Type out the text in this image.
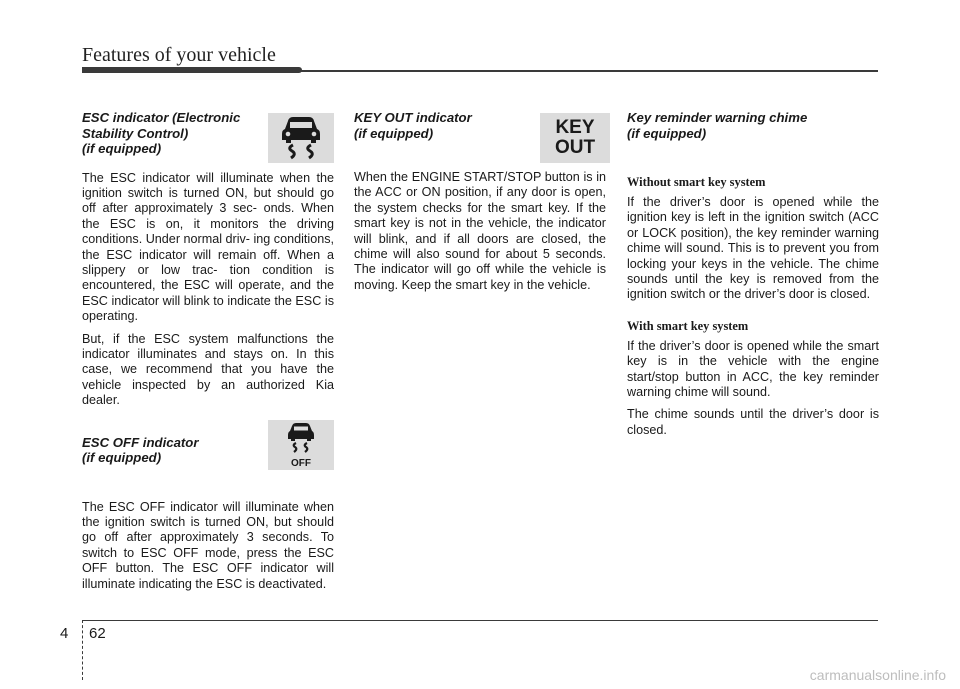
Features of your vehicle
ESC indicator (Electronic
Stability Control)
(if equipped)

The ESC indicator will illuminate when the ignition switch is turned ON, but should go off after approximately 3 sec- onds. When the ESC is on, it monitors the driving conditions. Under normal driv- ing conditions, the ESC indicator will remain off. When a slippery or low trac- tion condition is encountered, the ESC will operate, and the ESC indicator will blink to indicate the ESC is operating.

But, if the ESC system malfunctions the indicator illuminates and stays on. In this case, we recommend that you have the vehicle inspected by an authorized Kia dealer.

ESC OFF indicator
(if equipped)

The ESC OFF indicator will illuminate when the ignition switch is turned ON, but should go off after approximately 3 seconds. To switch to ESC OFF mode, press the ESC OFF button. The ESC OFF indicator will illuminate indicating the ESC is deactivated.

OFF
KEY OUT indicator
(if equipped)

When the ENGINE START/STOP button is in the ACC or ON position, if any door is open, the system checks for the smart key. If the smart key is not in the vehicle, the indicator will blink, and if all doors are closed, the chime will also sound for about 5 seconds. The indicator will go off while the vehicle is moving. Keep the smart key in the vehicle.

KEY
OUT
Key reminder warning chime
(if equipped)

Without smart key system

If the driver’s door is opened while the ignition key is left in the ignition switch (ACC or LOCK position), the key reminder warning chime will sound. This is to prevent you from locking your keys in the vehicle. The chime sounds until the key is removed from the ignition switch or the driver’s door is closed.

With smart key system

If the driver’s door is opened while the smart key is in the vehicle with the engine start/stop button in ACC, the key reminder warning chime will sound.

The chime sounds until the driver’s door is closed.

4 62
carmanualsonline.info
